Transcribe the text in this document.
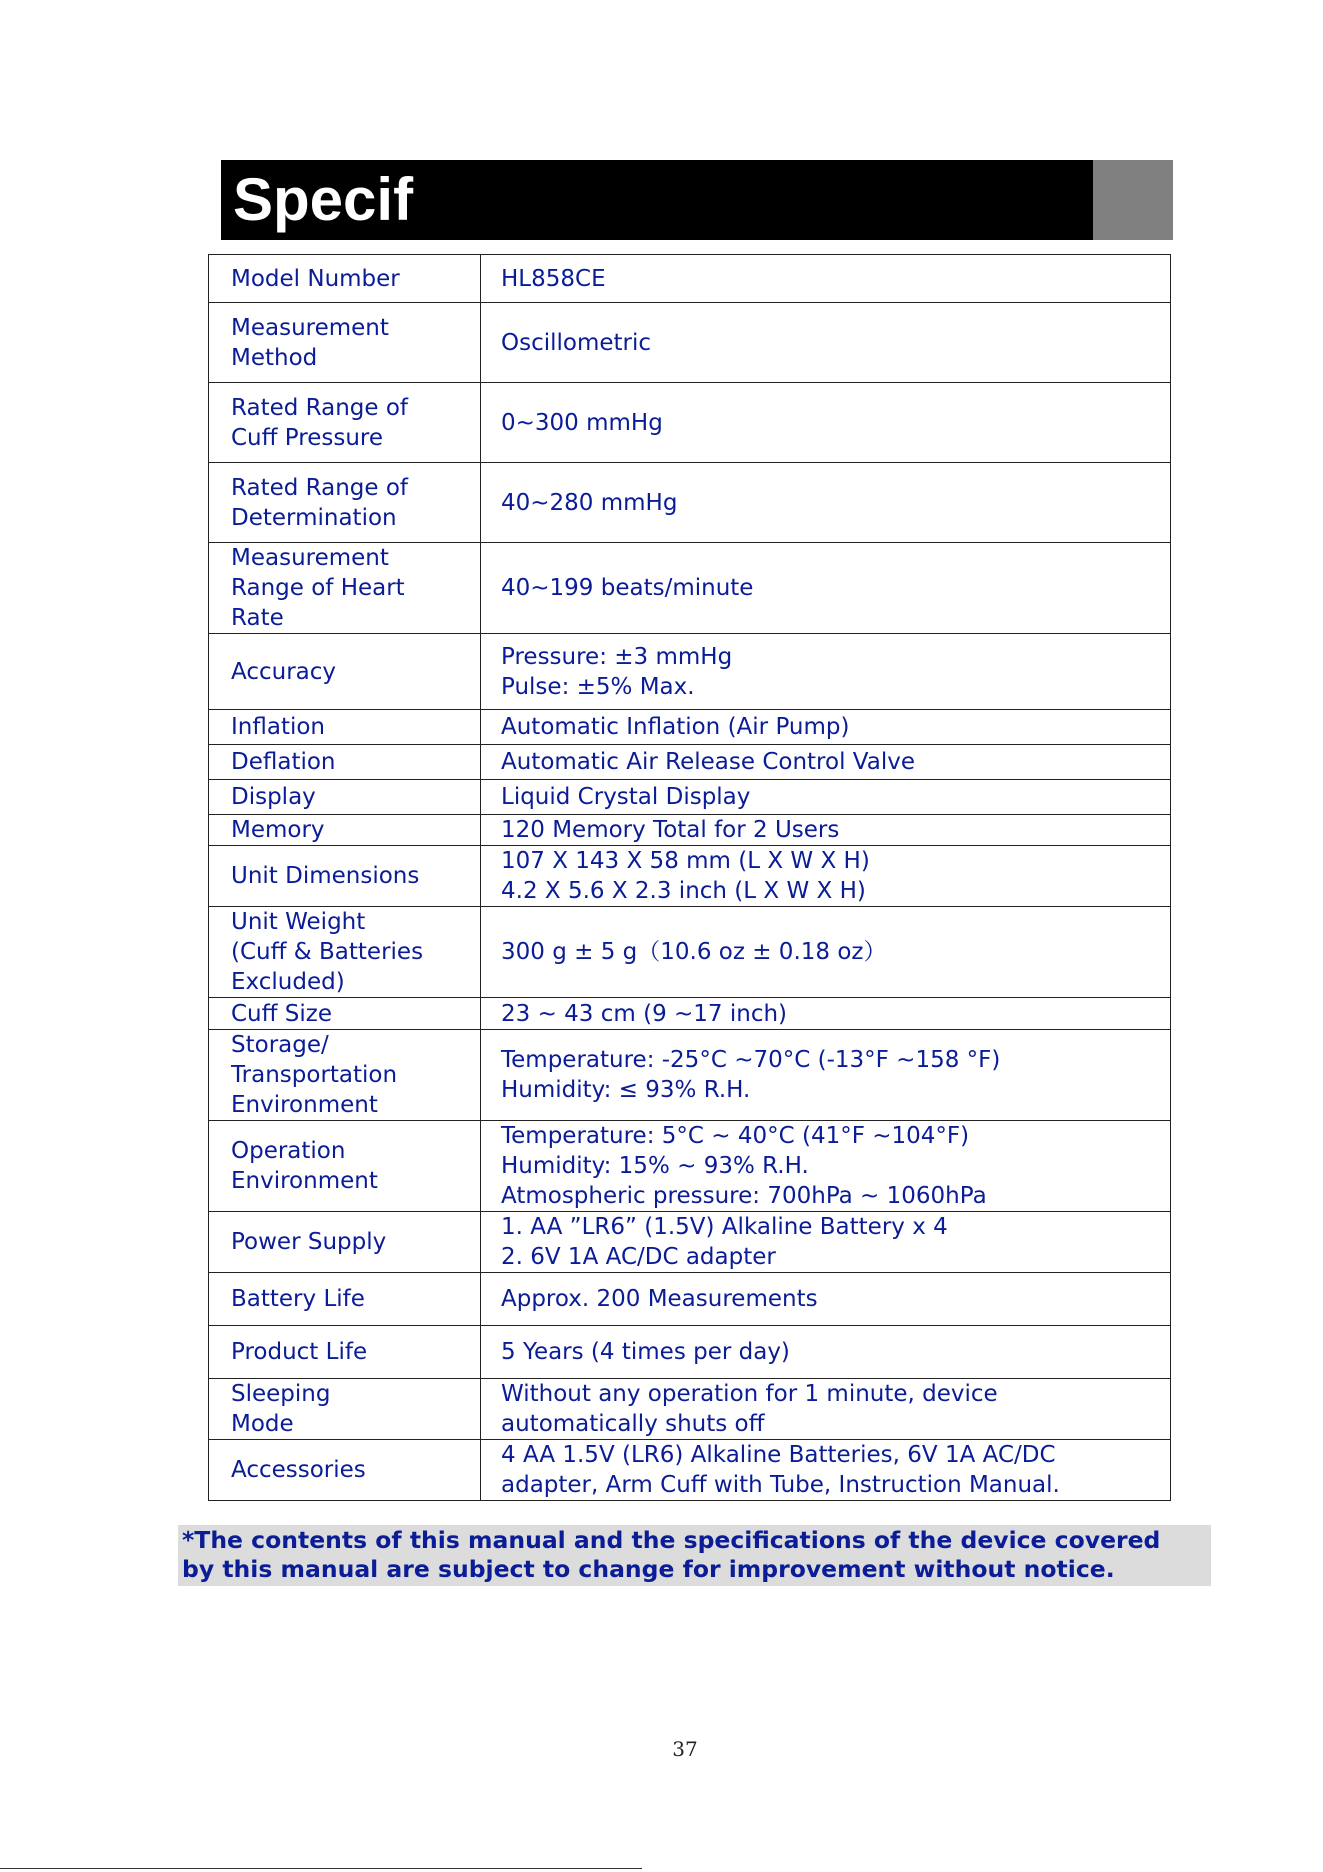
Specif
Model Number	HL858CE

Measurement
Method	Oscillometric

Rated Range of
Cuff Pressure	0~300 mmHg

Rated Range of
Determination	40~280 mmHg

Measurement
Range of Heart
Rate	40~199 beats/minute

Accuracy	Pressure: ±3 mmHg
Pulse: ±5% Max.

Inflation	Automatic Inflation (Air Pump)

Deflation	Automatic Air Release Control Valve

Display	Liquid Crystal Display

Memory	120 Memory Total for 2 Users

Unit Dimensions	107 X 143 X 58 mm (L X W X H)
4.2 X 5.6 X 2.3 inch (L X W X H)

Unit Weight
(Cuff & Batteries
Excluded)	300 g ± 5 g（10.6 oz ± 0.18 oz）

Cuff Size	23 ~ 43 cm (9 ~17 inch)

Storage/
Transportation
Environment	Temperature: -25°C ~70°C (-13°F ~158 °F)
Humidity: ≤ 93% R.H.

Operation
Environment	Temperature: 5°C ~ 40°C (41°F ~104°F)
Humidity: 15% ~ 93% R.H.
Atmospheric pressure: 700hPa ~ 1060hPa

Power Supply	1. AA ”LR6” (1.5V) Alkaline Battery x 4
2. 6V 1A AC/DC adapter

Battery Life	Approx. 200 Measurements

Product Life	5 Years (4 times per day)

Sleeping
Mode	Without any operation for 1 minute, device
automatically shuts off

Accessories	4 AA 1.5V (LR6) Alkaline Batteries, 6V 1A AC/DC
adapter, Arm Cuff with Tube, Instruction Manual.
*The contents of this manual and the specifications of the device covered
by this manual are subject to change for improvement without notice.
37
